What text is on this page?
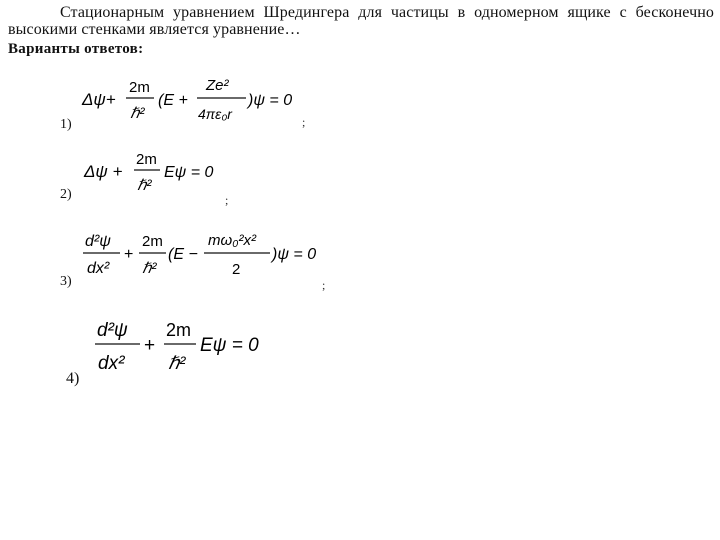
Стационарным уравнением Шредингера для частицы в одномерном ящике с бесконечно высокими стенками является уравнение…
Варианты ответов:
1)
Δψ+
2m
ℏ²
(E +
Ze²
4πε₀r
)ψ = 0
;
2)
Δψ +
2m
ℏ²
Eψ = 0
;
3)
d²ψ
dx²
+
2m
ℏ²
(E −
mω₀²x²
2
)ψ = 0
;
4)
d²ψ
dx²
+
2m
ℏ²
Eψ = 0
